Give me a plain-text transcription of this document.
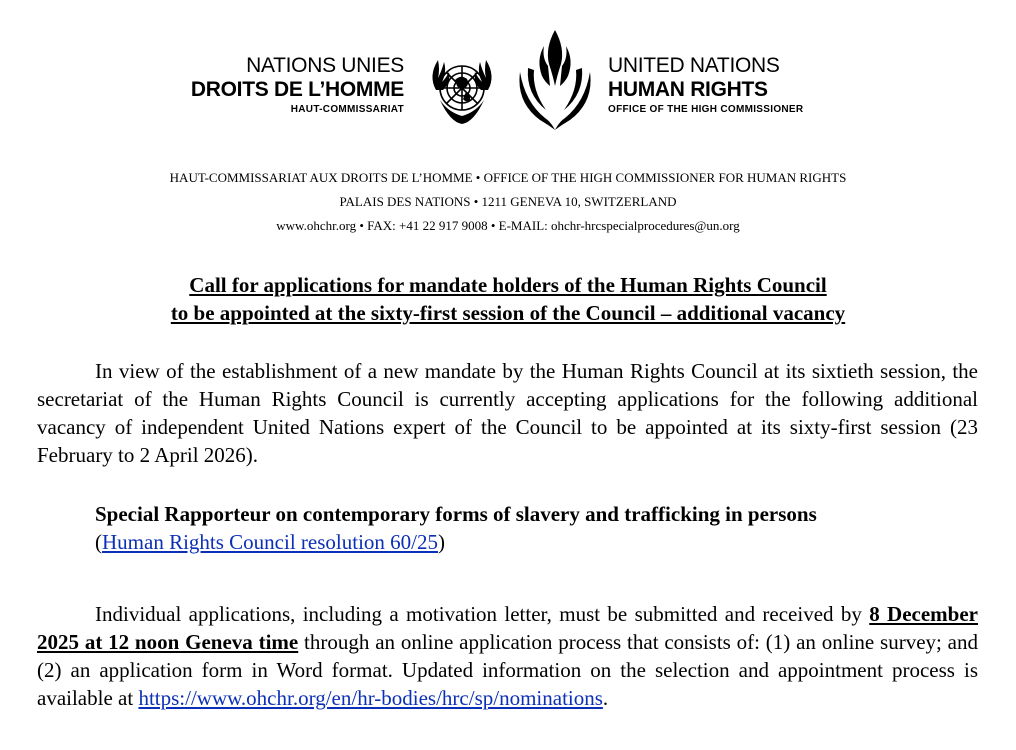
NATIONS UNIES
DROITS DE L’HOMME
HAUT-COMMISSARIAT
UNITED NATIONS
HUMAN RIGHTS
OFFICE OF THE HIGH COMMISSIONER
HAUT-COMMISSARIAT AUX DROITS DE L’HOMME • OFFICE OF THE HIGH COMMISSIONER FOR HUMAN RIGHTS
PALAIS DES NATIONS • 1211 GENEVA 10, SWITZERLAND
www.ohchr.org • FAX: +41 22 917 9008 • E-MAIL: ohchr-hrcspecialprocedures@un.org
Call for applications for mandate holders of the Human Rights Council
to be appointed at the sixty-first session of the Council – additional vacancy

In view of the establishment of a new mandate by the Human Rights Council at its sixtieth session, the secretariat of the Human Rights Council is currently accepting applications for the following additional vacancy of independent United Nations expert of the Council to be appointed at its sixty-first session (23 February to 2 April 2026).

Special Rapporteur on contemporary forms of slavery and trafficking in persons
(Human Rights Council resolution 60/25)

Individual applications, including a motivation letter, must be submitted and received by 8 December 2025 at 12 noon Geneva time through an online application process that consists of: (1) an online survey; and (2) an application form in Word format. Updated information on the selection and appointment process is available at https://www.ohchr.org/en/hr-bodies/hrc/sp/nominations.
